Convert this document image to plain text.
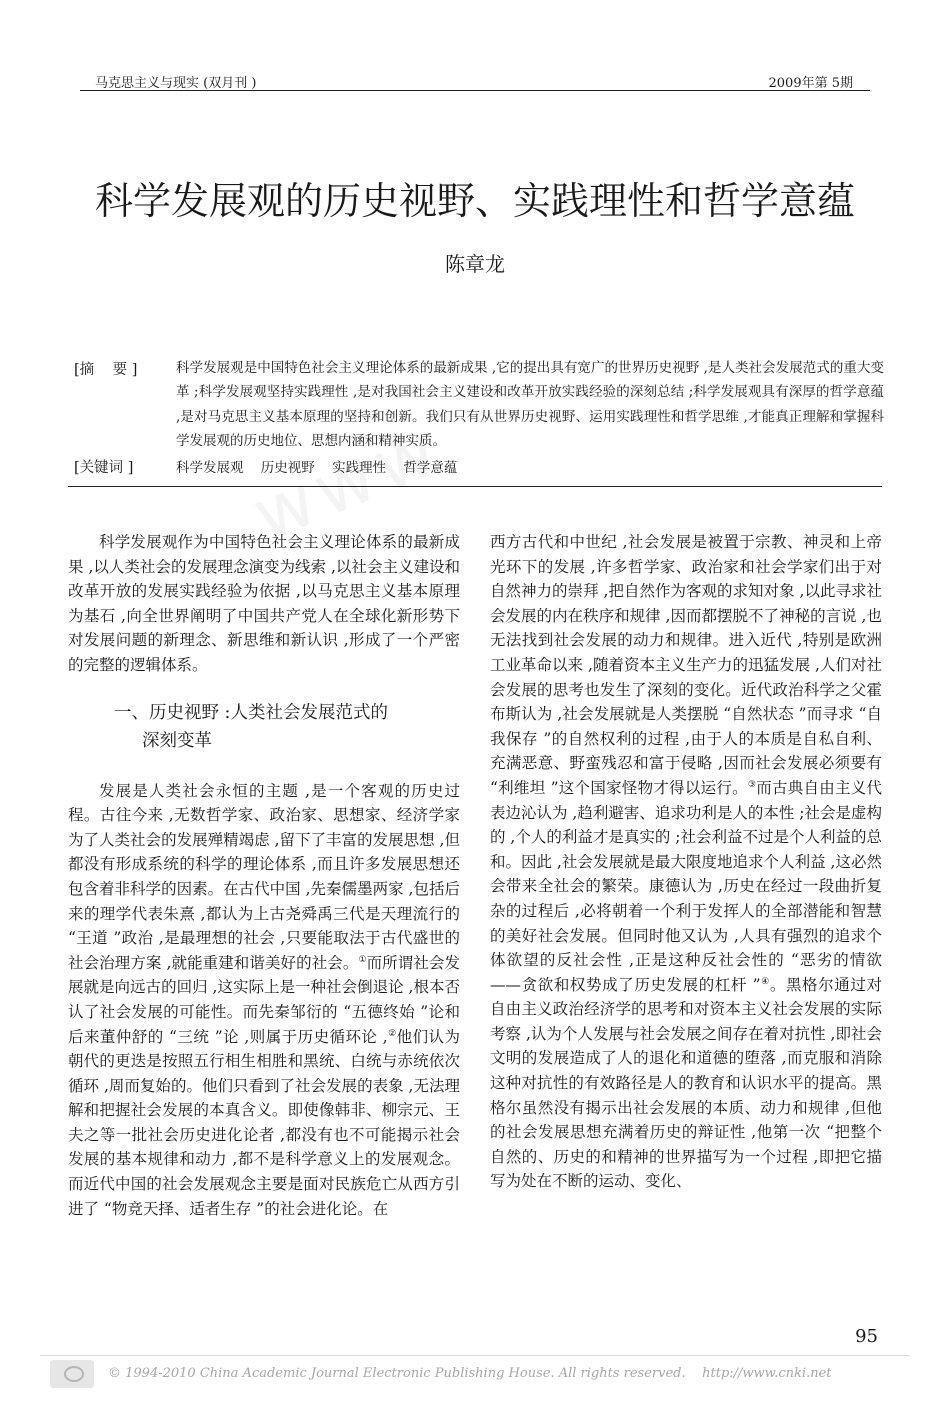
马克思主义与现实 (双月刊 )	2009年第 5期
科学发展观的历史视野、实践理性和哲学意蕴
陈章龙
[摘    要 ]	科学发展观是中国特色社会主义理论体系的最新成果 ,它的提出具有宽广的世界历史视野 ,是人类社会发展范式的重大变革 ;科学发展观坚持实践理性 ,是对我国社会主义建设和改革开放实践经验的深刻总结 ;科学发展观具有深厚的哲学意蕴 ,是对马克思主义基本原理的坚持和创新。我们只有从世界历史视野、运用实践理性和哲学思维 ,才能真正理解和掌握科学发展观的历史地位、思想内涵和精神实质。
[关键词 ]	科学发展观 历史视野 实践理性 哲学意蕴

科学发展观作为中国特色社会主义理论体系的最新成果 ,以人类社会的发展理念演变为线索 ,以社会主义建设和改革开放的发展实践经验为依据 ,以马克思主义基本原理为基石 ,向全世界阐明了中国共产党人在全球化新形势下对发展问题的新理念、新思维和新认识 ,形成了一个严密的完整的逻辑体系。

一、历史视野 :人类社会发展范式的
深刻变革

发展是人类社会永恒的主题 ,是一个客观的历史过程。古往今来 ,无数哲学家、政治家、思想家、经济学家为了人类社会的发展殚精竭虑 ,留下了丰富的发展思想 ,但都没有形成系统的科学的理论体系 ,而且许多发展思想还包含着非科学的因素。在古代中国 ,先秦儒墨两家 ,包括后来的理学代表朱熹 ,都认为上古尧舜禹三代是天理流行的 “王道 ”政治 ,是最理想的社会 ,只要能取法于古代盛世的社会治理方案 ,就能重建和谐美好的社会。①而所谓社会发展就是向远古的回归 ,这实际上是一种社会倒退论 ,根本否认了社会发展的可能性。而先秦邹衍的 “五德终始 ”论和后来董仲舒的 “三统 ”论 ,则属于历史循环论 ,②他们认为朝代的更迭是按照五行相生相胜和黑统、白统与赤统依次循环 ,周而复始的。他们只看到了社会发展的表象 ,无法理解和把握社会发展的本真含义。即使像韩非、柳宗元、王夫之等一批社会历史进化论者 ,都没有也不可能揭示社会发展的基本规律和动力 ,都不是科学意义上的发展观念。而近代中国的社会发展观念主要是面对民族危亡从西方引进了 “物竞天择、适者生存 ”的社会进化论。在

西方古代和中世纪 ,社会发展是被置于宗教、神灵和上帝光环下的发展 ,许多哲学家、政治家和社会学家们出于对自然神力的崇拜 ,把自然作为客观的求知对象 ,以此寻求社会发展的内在秩序和规律 ,因而都摆脱不了神秘的言说 ,也无法找到社会发展的动力和规律。进入近代 ,特别是欧洲工业革命以来 ,随着资本主义生产力的迅猛发展 ,人们对社会发展的思考也发生了深刻的变化。近代政治科学之父霍布斯认为 ,社会发展就是人类摆脱 “自然状态 ”而寻求 “自我保存 ”的自然权利的过程 ,由于人的本质是自私自利、充满恶意、野蛮残忍和富于侵略 ,因而社会发展必须要有 “利维坦 ”这个国家怪物才得以运行。③而古典自由主义代表边沁认为 ,趋利避害、追求功利是人的本性 ;社会是虚构的 ,个人的利益才是真实的 ;社会利益不过是个人利益的总和。因此 ,社会发展就是最大限度地追求个人利益 ,这必然会带来全社会的繁荣。康德认为 ,历史在经过一段曲折复杂的过程后 ,必将朝着一个利于发挥人的全部潜能和智慧的美好社会发展。但同时他又认为 ,人具有强烈的追求个体欲望的反社会性 ,正是这种反社会性的 “恶劣的情欲 ——贪欲和权势成了历史发展的杠杆 ”④。黑格尔通过对自由主义政治经济学的思考和对资本主义社会发展的实际考察 ,认为个人发展与社会发展之间存在着对抗性 ,即社会文明的发展造成了人的退化和道德的堕落 ,而克服和消除这种对抗性的有效路径是人的教育和认识水平的提高。黑格尔虽然没有揭示出社会发展的本质、动力和规律 ,但他的社会发展思想充满着历史的辩证性 ,他第一次 “把整个自然的、历史的和精神的世界描写为一个过程 ,即把它描写为处在不断的运动、变化、

95
© 1994-2010 China Academic Journal Electronic Publishing House. All rights reserved.    http://www.cnki.net
